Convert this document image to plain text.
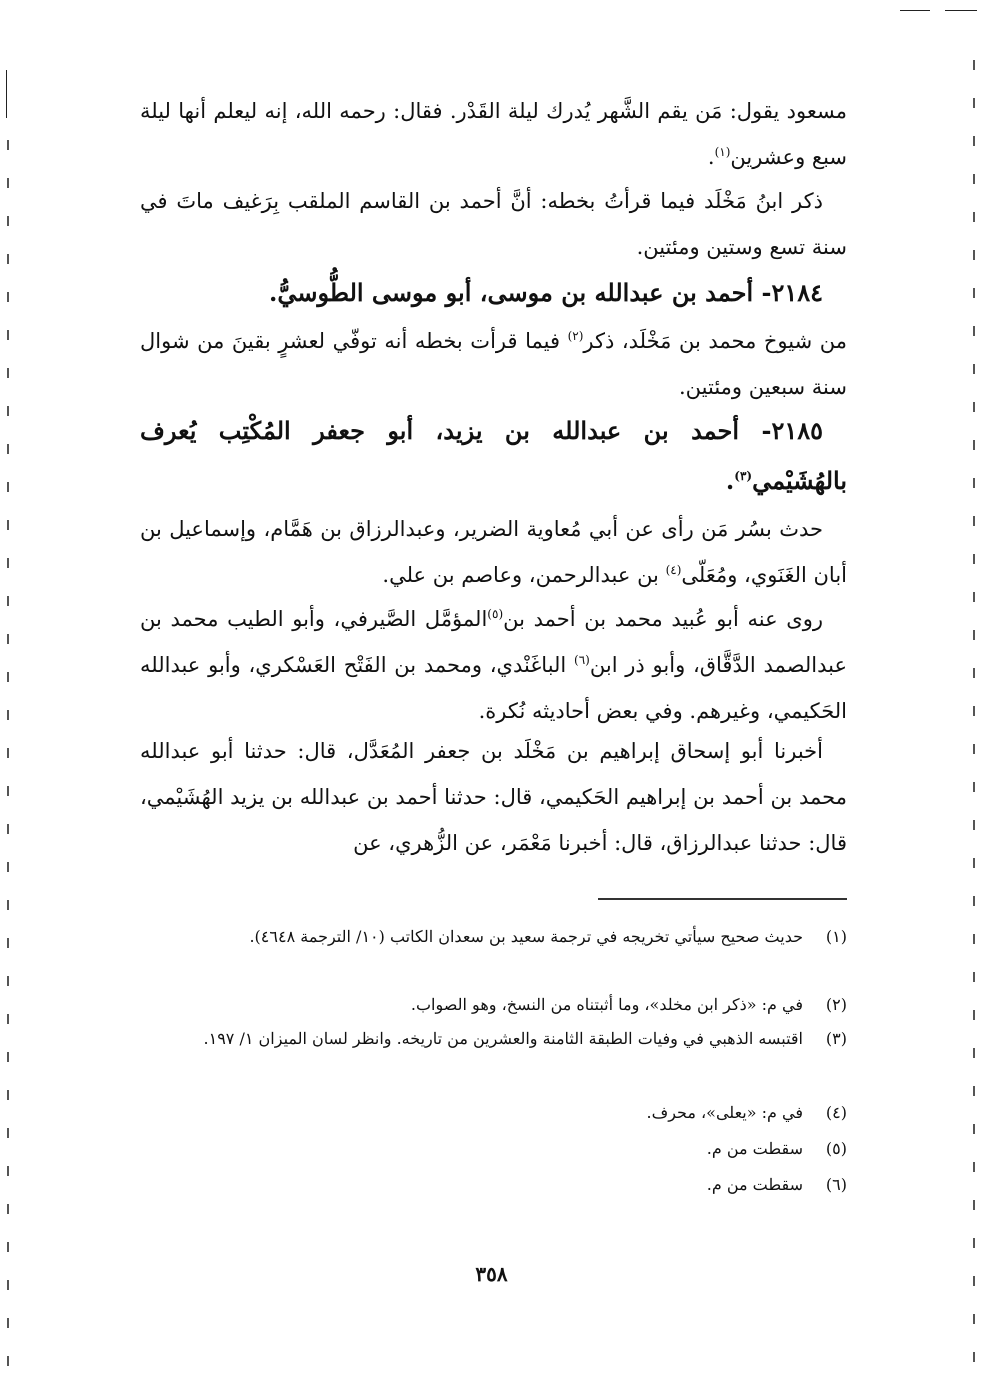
مسعود يقول: مَن يقم الشَّهر يُدرك ليلة القَدْر. فقال: رحمه الله، إنه ليعلم أنها ليلة سبع وعشرين$^{(١)}$.

ذكر ابنُ مَخْلَد فيما قرأتُ بخطه: أنَّ أحمد بن القاسم الملقب بِرَغيف ماتَ في سنة تسع وستين ومئتين.

٢١٨٤- أحمد بن عبدالله بن موسى، أبو موسى الطُّوسيُّ.

من شيوخ محمد بن مَخْلَد، ذكر$^{(٢)}$ فيما قرأت بخطه أنه توفّي لعشرٍ بقينَ من شوال سنة سبعين ومئتين.

٢١٨٥- أحمد بن عبدالله بن يزيد، أبو جعفر المُكْتِب يُعرف بالهُشَيْمي$^{(٣)}$.

حدث بسُر مَن رأى عن أبي مُعاوية الضرير، وعبدالرزاق بن هَمَّام، وإسماعيل بن أبان الغَنَوي، ومُعَلّى$^{(٤)}$ بن عبدالرحمن، وعاصم بن علي.

روى عنه أبو عُبيد محمد بن أحمد بن$^{(٥)}$المؤمَّل الصَّيرفي، وأبو الطيب محمد بن عبدالصمد الدَّقَّاق، وأبو ذر ابن$^{(٦)}$ الباغَنْدي، ومحمد بن الفَتْح العَسْكري، وأبو عبدالله الحَكيمي، وغيرهم. وفي بعض أحاديثه نُكرة.

أخبرنا أبو إسحاق إبراهيم بن مَخْلَد بن جعفر المُعَدَّل، قال: حدثنا أبو عبدالله محمد بن أحمد بن إبراهيم الحَكيمي، قال: حدثنا أحمد بن عبدالله بن يزيد الهُشَيْمي، قال: حدثنا عبدالرزاق، قال: أخبرنا مَعْمَر، عن الزُّهري، عن

(١)
حديث صحيح سيأتي تخريجه في ترجمة سعيد بن سعدان الكاتب (١٠/ الترجمة ٤٦٤٨).
(٢)
في م: «ذكر ابن مخلد»، وما أثبتناه من النسخ، وهو الصواب.
(٣)
اقتبسه الذهبي في وفيات الطبقة الثامنة والعشرين من تاريخه. وانظر لسان الميزان ١/ ١٩٧.
(٤)
في م: «يعلى»، محرف.
(٥)
سقطت من م.
(٦)
سقطت من م.
٣٥٨
